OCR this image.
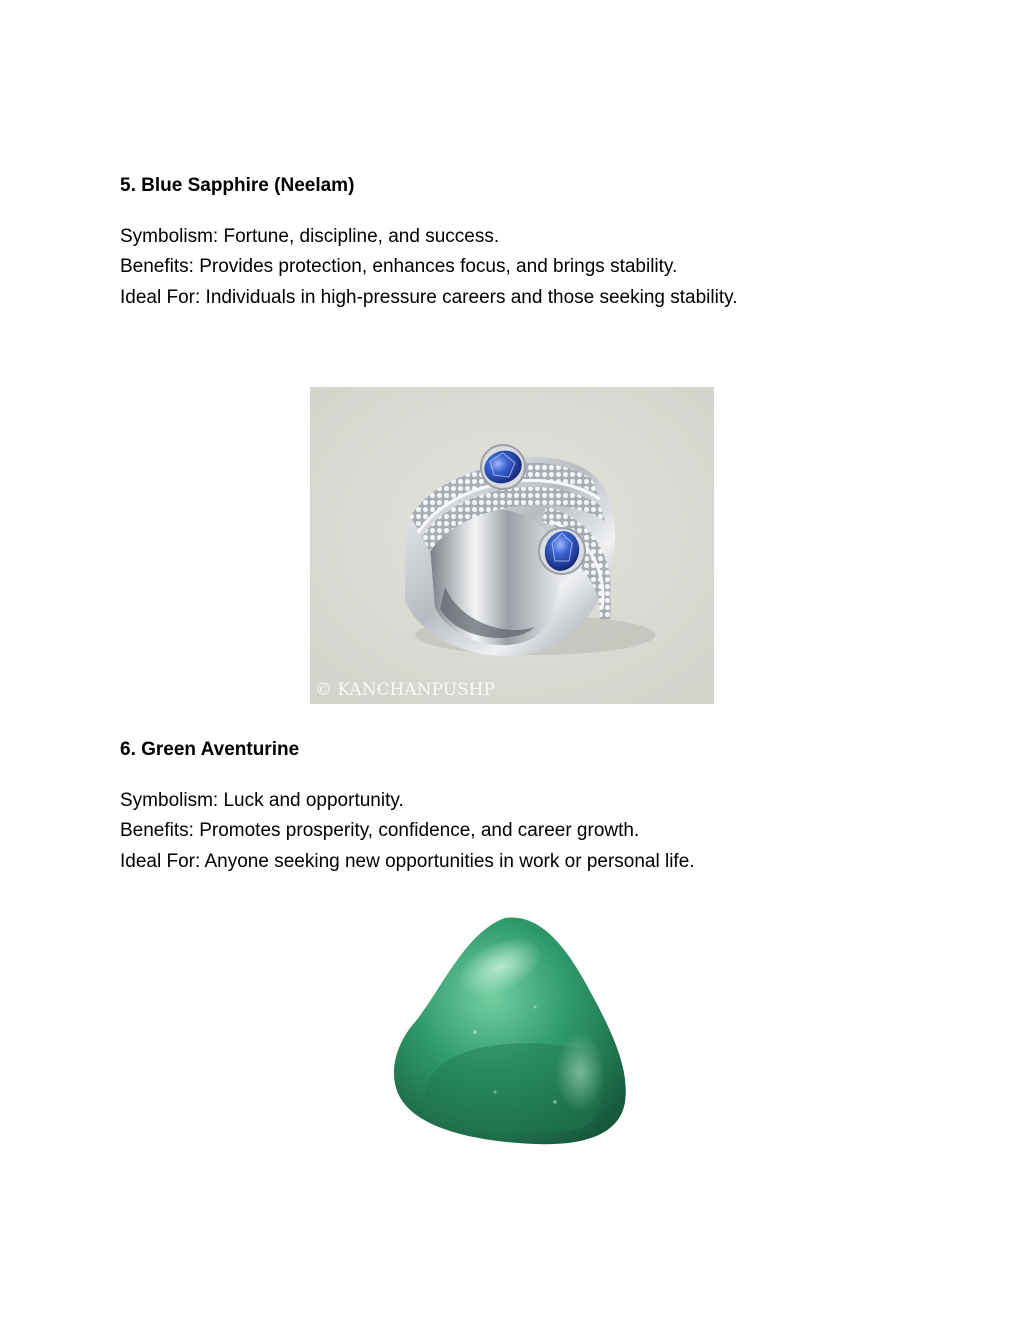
5. Blue Sapphire (Neelam)
Symbolism: Fortune, discipline, and success.
Benefits: Provides protection, enhances focus, and brings stability.
Ideal For: Individuals in high-pressure careers and those seeking stability.
© KANCHANPUSHP
6. Green Aventurine
Symbolism: Luck and opportunity.
Benefits: Promotes prosperity, confidence, and career growth.
Ideal For: Anyone seeking new opportunities in work or personal life.
